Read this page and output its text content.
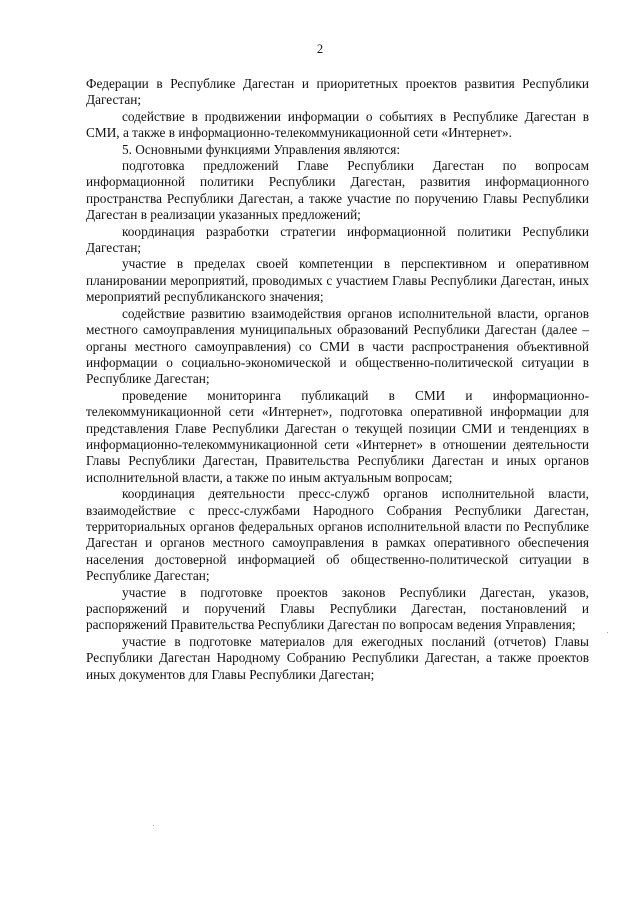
2

Федерации в Республике Дагестан и приоритетных проектов развития Республики Дагестан;

содействие в продвижении информации о событиях в Республике Дагестан в СМИ, а также в информационно-телекоммуникационной сети «Интернет».

5. Основными функциями Управления являются:

подготовка предложений Главе Республики Дагестан по вопросам информационной политики Республики Дагестан, развития информационного пространства Республики Дагестан, а также участие по поручению Главы Республики Дагестан в реализации указанных предложений;

координация разработки стратегии информационной политики Республики Дагестан;

участие в пределах своей компетенции в перспективном и оперативном планировании мероприятий, проводимых с участием Главы Республики Дагестан, иных мероприятий республиканского значения;

содействие развитию взаимодействия органов исполнительной власти, органов местного самоуправления муниципальных образований Республики Дагестан (далее – органы местного самоуправления) со СМИ в части распространения объективной информации о социально-экономической и общественно-политической ситуации в Республике Дагестан;

проведение мониторинга публикаций в СМИ и информационно-телекоммуникационной сети «Интернет», подготовка оперативной информации для представления Главе Республики Дагестан о текущей позиции СМИ и тенденциях в информационно-телекоммуникационной сети «Интернет» в отношении деятельности Главы Республики Дагестан, Правительства Республики Дагестан и иных органов исполнительной власти, а также по иным актуальным вопросам;

координация деятельности пресс-служб органов исполнительной власти, взаимодействие с пресс-службами Народного Собрания Республики Дагестан, территориальных органов федеральных органов исполнительной власти по Республике Дагестан и органов местного самоуправления в рамках оперативного обеспечения населения достоверной информацией об общественно-политической ситуации в Республике Дагестан;

участие в подготовке проектов законов Республики Дагестан, указов, распоряжений и поручений Главы Республики Дагестан, постановлений и распоряжений Правительства Республики Дагестан по вопросам ведения Управления;

участие в подготовке материалов для ежегодных посланий (отчетов) Главы Республики Дагестан Народному Собранию Республики Дагестан, а также проектов иных документов для Главы Республики Дагестан;
